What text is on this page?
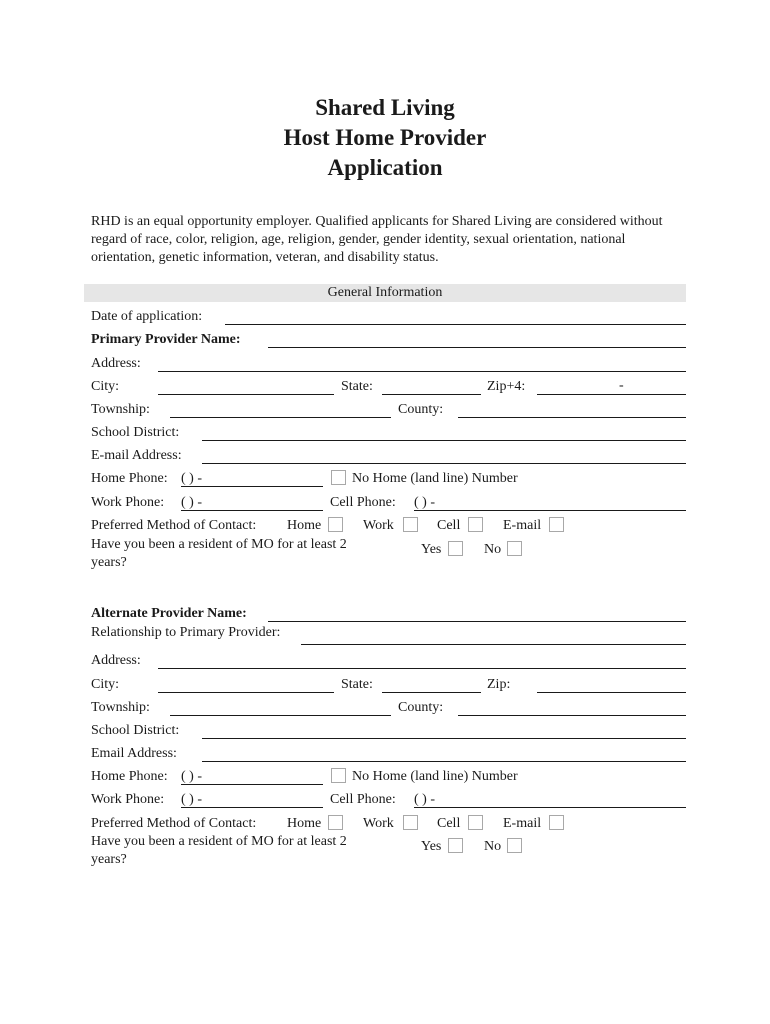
Shared Living
Host Home Provider
Application
RHD is an equal opportunity employer. Qualified applicants for Shared Living are considered without regard of race, color, religion, age, religion, gender, gender identity, sexual orientation, national orientation, genetic information, veteran, and disability status.
General Information
Date of application:
Primary Provider Name:
Address:
City:	State:	Zip+4:	-
Township:	County:
School District:
E-mail Address:
Home Phone: ( ) -	No Home (land line) Number
Work Phone: ( ) -	Cell Phone: ( ) -
Preferred Method of Contact: Home	Work	Cell	E-mail
Have you been a resident of MO for at least 2 years?
Yes	No
Alternate Provider Name:
Relationship to Primary Provider:
Address:
City:	State:	Zip:
Township:	County:
School District:
Email Address:
Home Phone: ( ) -	No Home (land line) Number
Work Phone: ( ) -	Cell Phone: ( ) -
Preferred Method of Contact: Home	Work	Cell	E-mail
Have you been a resident of MO for at least 2 years?
Yes	No
